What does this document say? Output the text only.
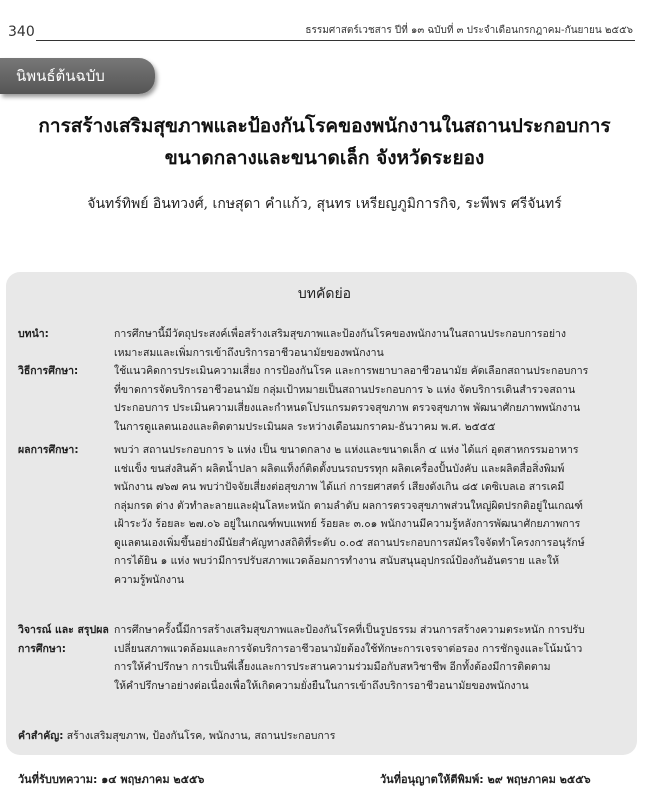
340	ธรรมศาสตร์เวชสาร ปีที่ ๑๓ ฉบับที่ ๓ ประจำเดือนกรกฎาคม-กันยายน ๒๕๕๖
นิพนธ์ต้นฉบับ
การสร้างเสริมสุขภาพและป้องกันโรคของพนักงานในสถานประกอบการ
ขนาดกลางและขนาดเล็ก จังหวัดระยอง
จันทร์ทิพย์ อินทวงศ์, เกษสุดา คำแก้ว, สุนทร เหรียญภูมิการกิจ, ระพีพร ศรีจันทร์
บทคัดย่อ
บทนำ:	การศึกษานี้มีวัตถุประสงค์เพื่อสร้างเสริมสุขภาพและป้องกันโรคของพนักงานในสถานประกอบการอย่าง
เหมาะสมและเพิ่มการเข้าถึงบริการอาชีวอนามัยของพนักงาน
วิธีการศึกษา:	ใช้แนวคิดการประเมินความเสี่ยง การป้องกันโรค และการพยาบาลอาชีวอนามัย คัดเลือกสถานประกอบการ
ที่ขาดการจัดบริการอาชีวอนามัย กลุ่มเป้าหมายเป็นสถานประกอบการ ๖ แห่ง จัดบริการเดินสำรวจสถาน
ประกอบการ ประเมินความเสี่ยงและกำหนดโปรแกรมตรวจสุขภาพ ตรวจสุขภาพ พัฒนาศักยภาพพนักงาน
ในการดูแลตนเองและติดตามประเมินผล ระหว่างเดือนมกราคม-ธันวาคม พ.ศ. ๒๕๕๕
ผลการศึกษา:	พบว่า สถานประกอบการ ๖ แห่ง เป็น ขนาดกลาง ๒ แห่งและขนาดเล็ก ๔ แห่ง ได้แก่ อุตสาหกรรมอาหาร
แช่แข็ง ขนส่งสินค้า ผลิตน้ำปลา ผลิตแท็งก์ติดตั้งบนรถบรรทุก ผลิตเครื่องปั้นบังคับ และผลิตสื่อสิ่งพิมพ์
พนักงาน ๗๖๗ คน พบว่าปัจจัยเสี่ยงต่อสุขภาพ ได้แก่ การยศาสตร์ เสียงดังเกิน ๘๕ เดซิเบลเอ สารเคมี
กลุ่มกรด ด่าง ตัวทำละลายและฝุ่นโลหะหนัก ตามลำดับ ผลการตรวจสุขภาพส่วนใหญ่ผิดปรกติอยู่ในเกณฑ์
เฝ้าระวัง ร้อยละ ๒๗.๐๖ อยู่ในเกณฑ์พบแพทย์ ร้อยละ ๓.๐๑ พนักงานมีความรู้หลังการพัฒนาศักยภาพการ
ดูแลตนเองเพิ่มขึ้นอย่างมีนัยสำคัญทางสถิติที่ระดับ ๐.๐๕ สถานประกอบการสมัครใจจัดทำโครงการอนุรักษ์
การได้ยิน ๑ แห่ง พบว่ามีการปรับสภาพแวดล้อมการทำงาน สนับสนุนอุปกรณ์ป้องกันอันตราย และให้
ความรู้พนักงาน
วิจารณ์ และ สรุปผลการศึกษา:
การศึกษาครั้งนี้มีการสร้างเสริมสุขภาพและป้องกันโรคที่เป็นรูปธรรม ส่วนการสร้างความตระหนัก การปรับ
เปลี่ยนสภาพแวดล้อมและการจัดบริการอาชีวอนามัยต้องใช้ทักษะการเจรจาต่อรอง การชักจูงและโน้มน้าว
การให้คำปรึกษา การเป็นพี่เลี้ยงและการประสานความร่วมมือกับสหวิชาชีพ อีกทั้งต้องมีการติดตาม
ให้คำปรึกษาอย่างต่อเนื่องเพื่อให้เกิดความยั่งยืนในการเข้าถึงบริการอาชีวอนามัยของพนักงาน
คำสำคัญ: สร้างเสริมสุขภาพ, ป้องกันโรค, พนักงาน, สถานประกอบการ
วันที่รับบทความ: ๑๔ พฤษภาคม ๒๕๕๖	วันที่อนุญาตให้ตีพิมพ์: ๒๙ พฤษภาคม ๒๕๕๖
